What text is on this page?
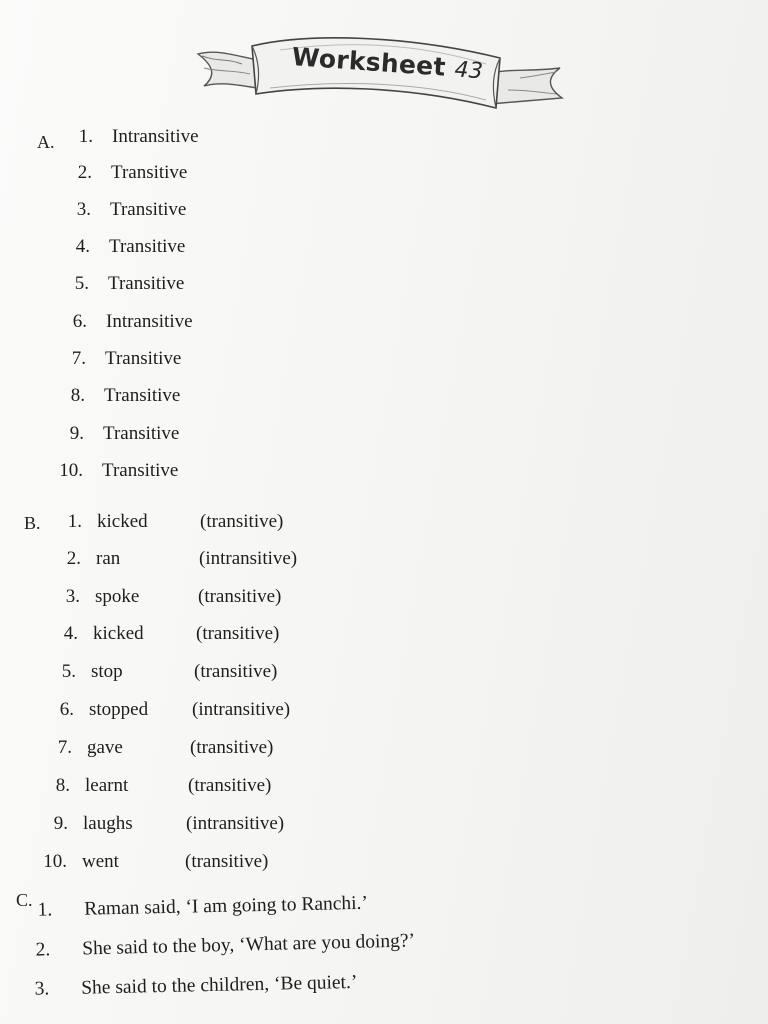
Worksheet 43
A.	1. Intransitive
2. Transitive
3. Transitive
4. Transitive
5. Transitive
6. Intransitive
7. Transitive
8. Transitive
9. Transitive
10. Transitive
B.	1. kicked	(transitive)
2. ran	(intransitive)
3. spoke	(transitive)
4. kicked	(transitive)
5. stop	(transitive)
6. stopped (intransitive)
7. gave	(transitive)
8. learnt	(transitive)
9. laughs	(intransitive)
10. went	(transitive)
C. 1. Raman said, ‘I am going to Ranchi.’
2. She said to the boy, ‘What are you doing?’
3. She said to the children, ‘Be quiet.’
